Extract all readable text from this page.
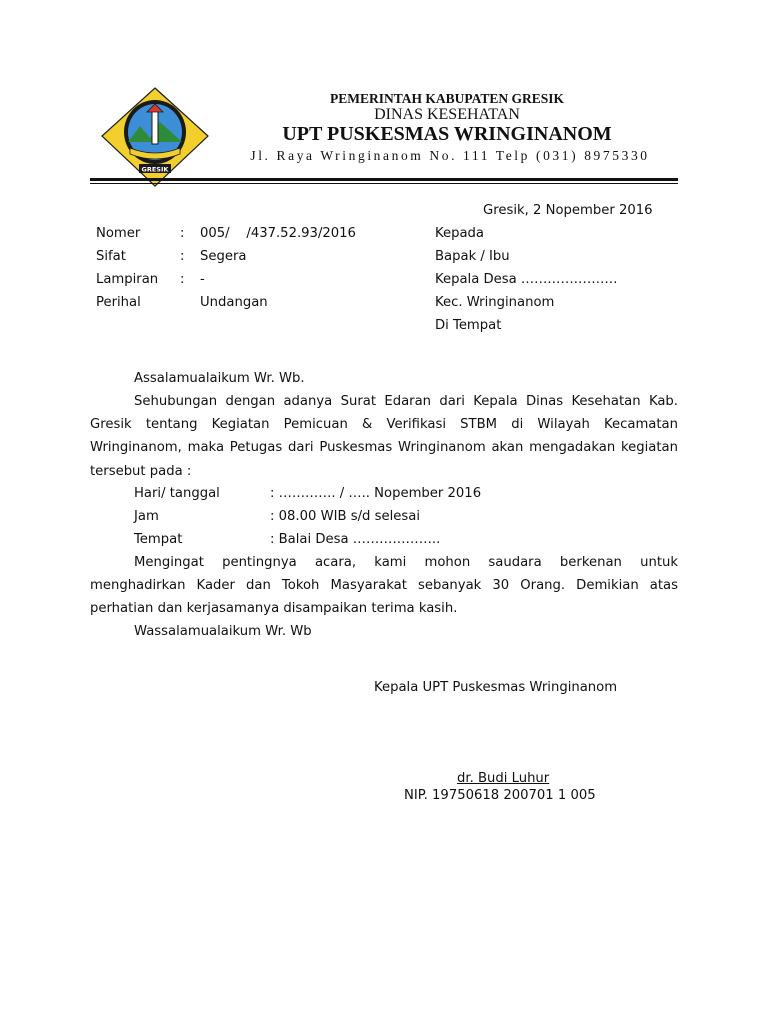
GRESIK
PEMERINTAH KABUPATEN GRESIK
DINAS KESEHATAN
UPT PUSKESMAS WRINGINANOM
Jl. Raya Wringinanom No. 111 Telp (031) 8975330
Gresik, 2 Nopember 2016
Nomer	: 005/    /437.52.93/2016
Sifat	: Segera
Lampiran : -
Perihal	Undangan
Kepada
Bapak / Ibu
Kepala Desa ………………….
Kec. Wringinanom
Di Tempat
Assalamualaikum Wr. Wb.
Sehubungan dengan adanya Surat Edaran dari Kepala Dinas Kesehatan Kab. Gresik tentang Kegiatan Pemicuan & Verifikasi STBM di Wilayah Kecamatan Wringinanom, maka Petugas dari Puskesmas Wringinanom akan mengadakan kegiatan tersebut pada :
Hari/ tanggal	: …………. / ….. Nopember 2016
Jam	: 08.00 WIB s/d selesai
Tempat	: Balai Desa ………………..
Mengingat pentingnya acara, kami mohon saudara berkenan untuk menghadirkan Kader dan Tokoh Masyarakat sebanyak 30 Orang. Demikian atas perhatian dan kerjasamanya disampaikan terima kasih.
Wassalamualaikum Wr. Wb
Kepala UPT Puskesmas Wringinanom
dr. Budi Luhur
NIP. 19750618 200701 1 005
